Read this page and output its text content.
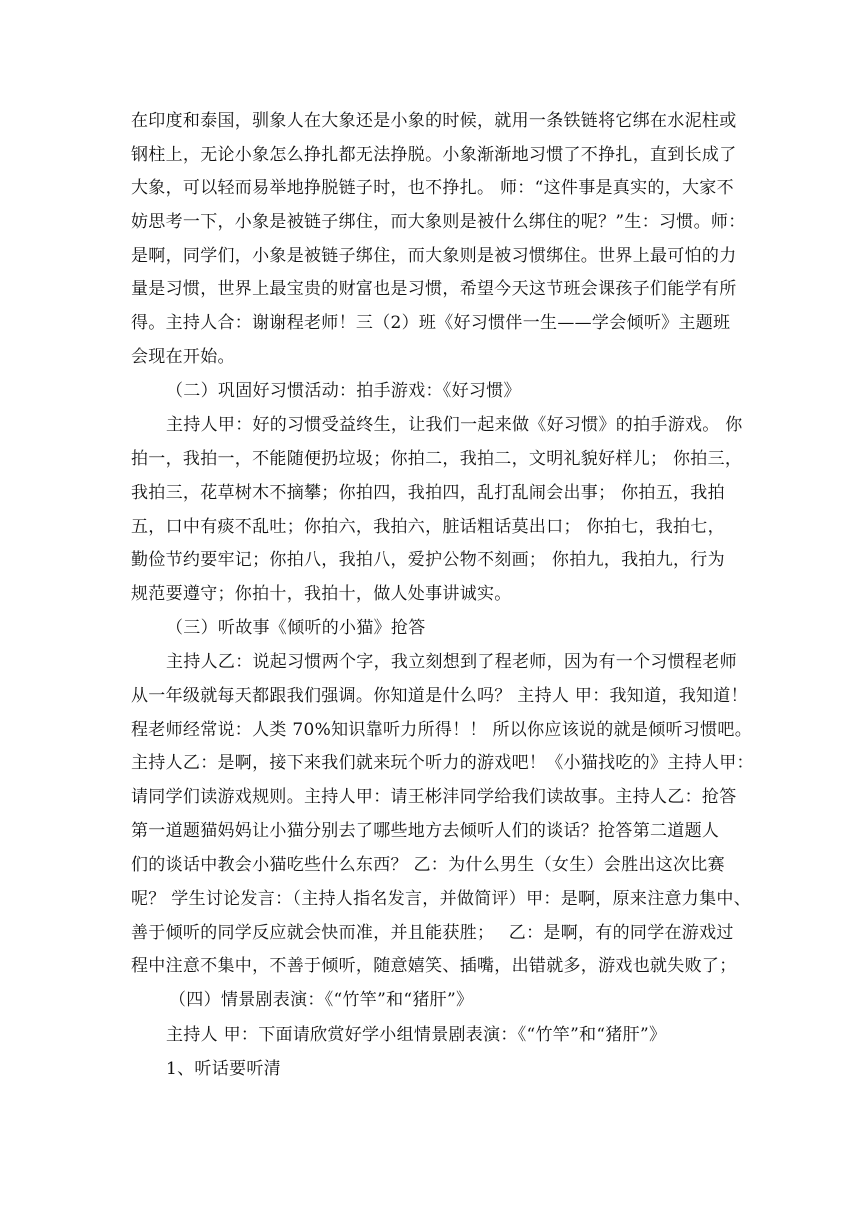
在印度和泰国，驯象人在大象还是小象的时候，就用一条铁链将它绑在水泥柱或
钢柱上，无论小象怎么挣扎都无法挣脱。小象渐渐地习惯了不挣扎，直到长成了
大象，可以轻而易举地挣脱链子时，也不挣扎。 师：“这件事是真实的，大家不
妨思考一下，小象是被链子绑住，而大象则是被什么绑住的呢？”生：习惯。师：
是啊，同学们，小象是被链子绑住，而大象则是被习惯绑住。世界上最可怕的力
量是习惯，世界上最宝贵的财富也是习惯，希望今天这节班会课孩子们能学有所
得。主持人合：谢谢程老师！三（2）班《好习惯伴一生——学会倾听》主题班
会现在开始。
（二）巩固好习惯活动：拍手游戏：《好习惯》
主持人甲：好的习惯受益终生，让我们一起来做《好习惯》的拍手游戏。 你
拍一，我拍一，不能随便扔垃圾；你拍二，我拍二，文明礼貌好样儿； 你拍三，
我拍三，花草树木不摘攀；你拍四，我拍四，乱打乱闹会出事； 你拍五，我拍
五，口中有痰不乱吐；你拍六，我拍六，脏话粗话莫出口； 你拍七，我拍七，
勤俭节约要牢记；你拍八，我拍八，爱护公物不刻画； 你拍九，我拍九，行为
规范要遵守；你拍十，我拍十，做人处事讲诚实。
（三）听故事《倾听的小猫》抢答
主持人乙：说起习惯两个字，我立刻想到了程老师，因为有一个习惯程老师
从一年级就每天都跟我们强调。你知道是什么吗？ 主持人 甲：我知道，我知道！
程老师经常说：人类 70%知识靠听力所得！！ 所以你应该说的就是倾听习惯吧。
主持人乙：是啊，接下来我们就来玩个听力的游戏吧！《小猫找吃的》主持人甲：
请同学们读游戏规则。主持人甲：请王彬沣同学给我们读故事。主持人乙：抢答
第一道题猫妈妈让小猫分别去了哪些地方去倾听人们的谈话？抢答第二道题人
们的谈话中教会小猫吃些什么东西？ 乙：为什么男生（女生）会胜出这次比赛
呢？ 学生讨论发言：（主持人指名发言，并做简评）甲：是啊，原来注意力集中、
善于倾听的同学反应就会快而准，并且能获胜；　 乙：是啊，有的同学在游戏过
程中注意不集中，不善于倾听，随意嬉笑、插嘴，出错就多，游戏也就失败了；
（四）情景剧表演：《“竹竿”和“猪肝”》
主持人 甲：下面请欣赏好学小组情景剧表演：《“竹竿”和“猪肝”》
1、听话要听清
